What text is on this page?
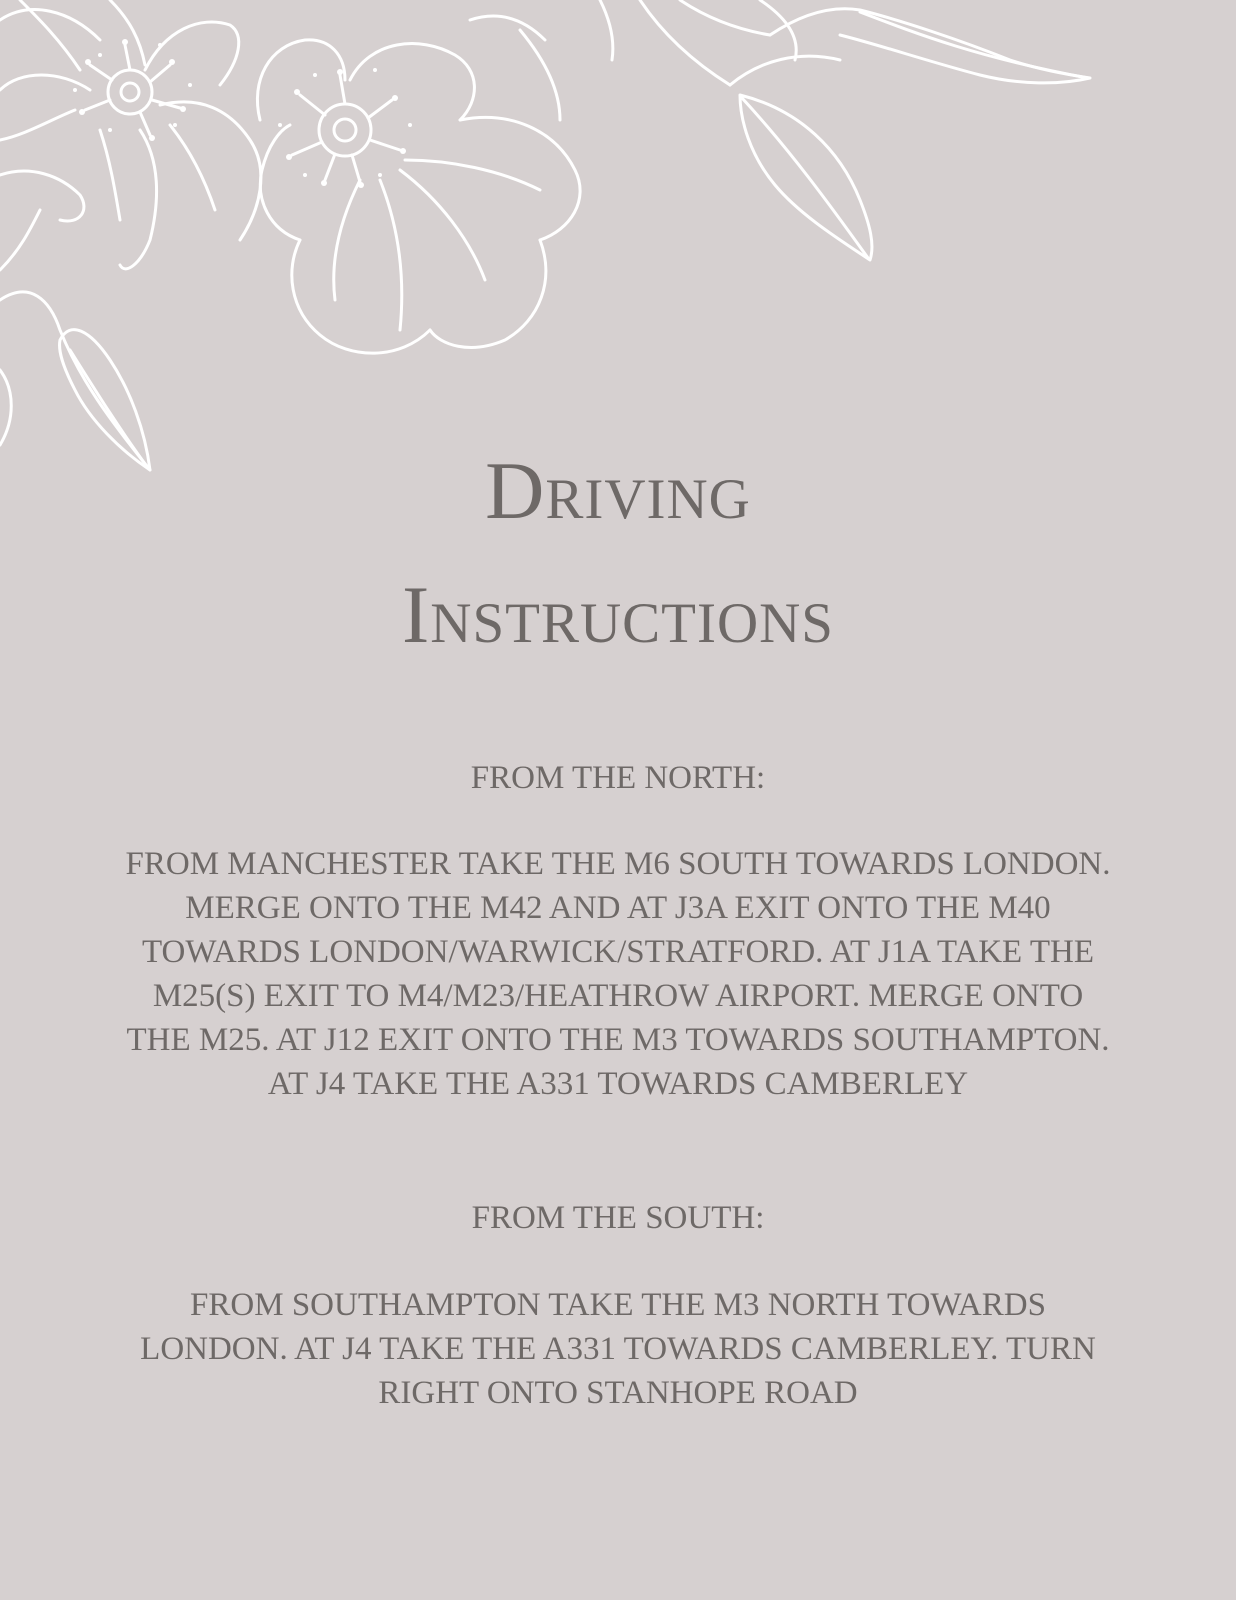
Driving
Instructions

FROM THE NORTH:

FROM MANCHESTER TAKE THE M6 SOUTH TOWARDS LONDON. MERGE ONTO THE M42 AND AT J3A EXIT ONTO THE M40 TOWARDS LONDON/WARWICK/STRATFORD. AT J1A TAKE THE M25(S) EXIT TO M4/M23/HEATHROW AIRPORT. MERGE ONTO THE M25. AT J12 EXIT ONTO THE M3 TOWARDS SOUTHAMPTON. AT J4 TAKE THE A331 TOWARDS CAMBERLEY

FROM THE SOUTH:

FROM SOUTHAMPTON TAKE THE M3 NORTH TOWARDS LONDON. AT J4 TAKE THE A331 TOWARDS CAMBERLEY. TURN RIGHT ONTO STANHOPE ROAD
